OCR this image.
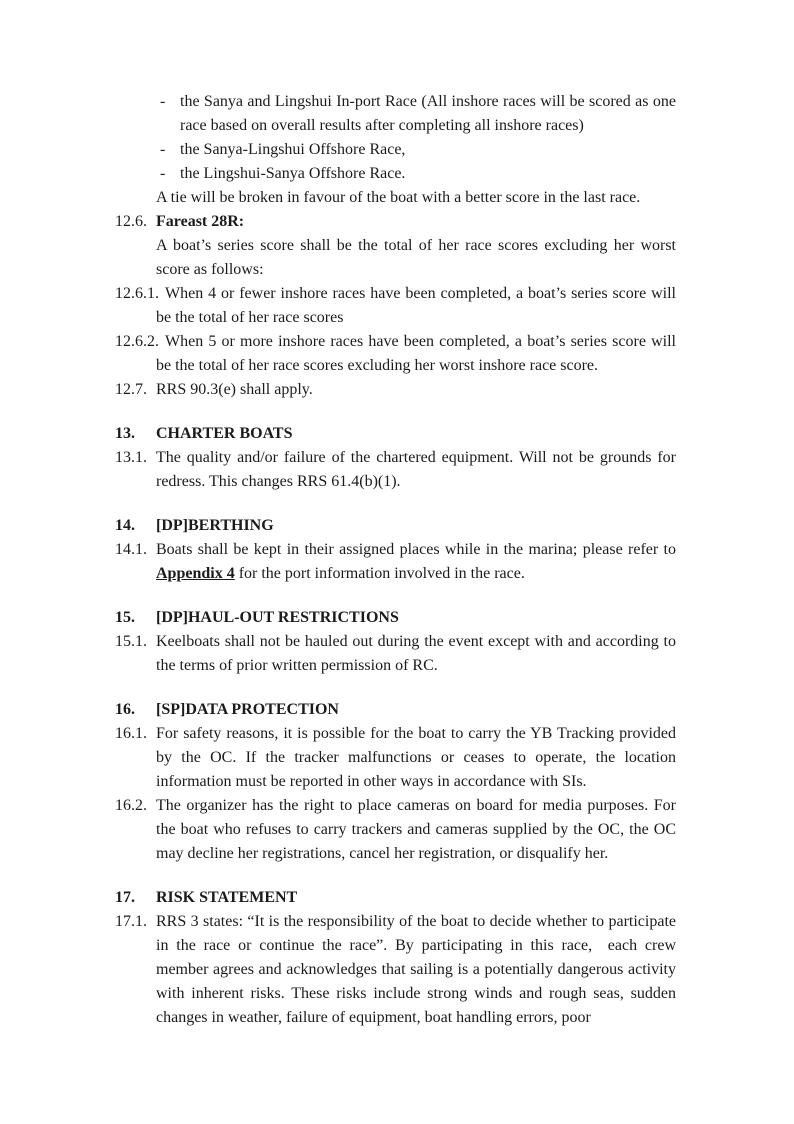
- the Sanya and Lingshui In-port Race (All inshore races will be scored as one race based on overall results after completing all inshore races)
- the Sanya-Lingshui Offshore Race,
- the Lingshui-Sanya Offshore Race.
A tie will be broken in favour of the boat with a better score in the last race.
12.6. Fareast 28R:
A boat’s series score shall be the total of her race scores excluding her worst score as follows:
12.6.1. When 4 or fewer inshore races have been completed, a boat’s series score will be the total of her race scores
12.6.2. When 5 or more inshore races have been completed, a boat’s series score will be the total of her race scores excluding her worst inshore race score.
12.7. RRS 90.3(e) shall apply.
13. CHARTER BOATS
13.1. The quality and/or failure of the chartered equipment. Will not be grounds for redress. This changes RRS 61.4(b)(1).
14. [DP]BERTHING
14.1. Boats shall be kept in their assigned places while in the marina; please refer to Appendix 4 for the port information involved in the race.
15. [DP]HAUL-OUT RESTRICTIONS
15.1. Keelboats shall not be hauled out during the event except with and according to the terms of prior written permission of RC.
16. [SP]DATA PROTECTION
16.1. For safety reasons, it is possible for the boat to carry the YB Tracking provided by the OC. If the tracker malfunctions or ceases to operate, the location information must be reported in other ways in accordance with SIs.
16.2. The organizer has the right to place cameras on board for media purposes. For the boat who refuses to carry trackers and cameras supplied by the OC, the OC may decline her registrations, cancel her registration, or disqualify her.
17. RISK STATEMENT
17.1. RRS 3 states: “It is the responsibility of the boat to decide whether to participate in the race or continue the race”. By participating in this race,  each crew member agrees and acknowledges that sailing is a potentially dangerous activity with inherent risks. These risks include strong winds and rough seas, sudden changes in weather, failure of equipment, boat handling errors, poor
